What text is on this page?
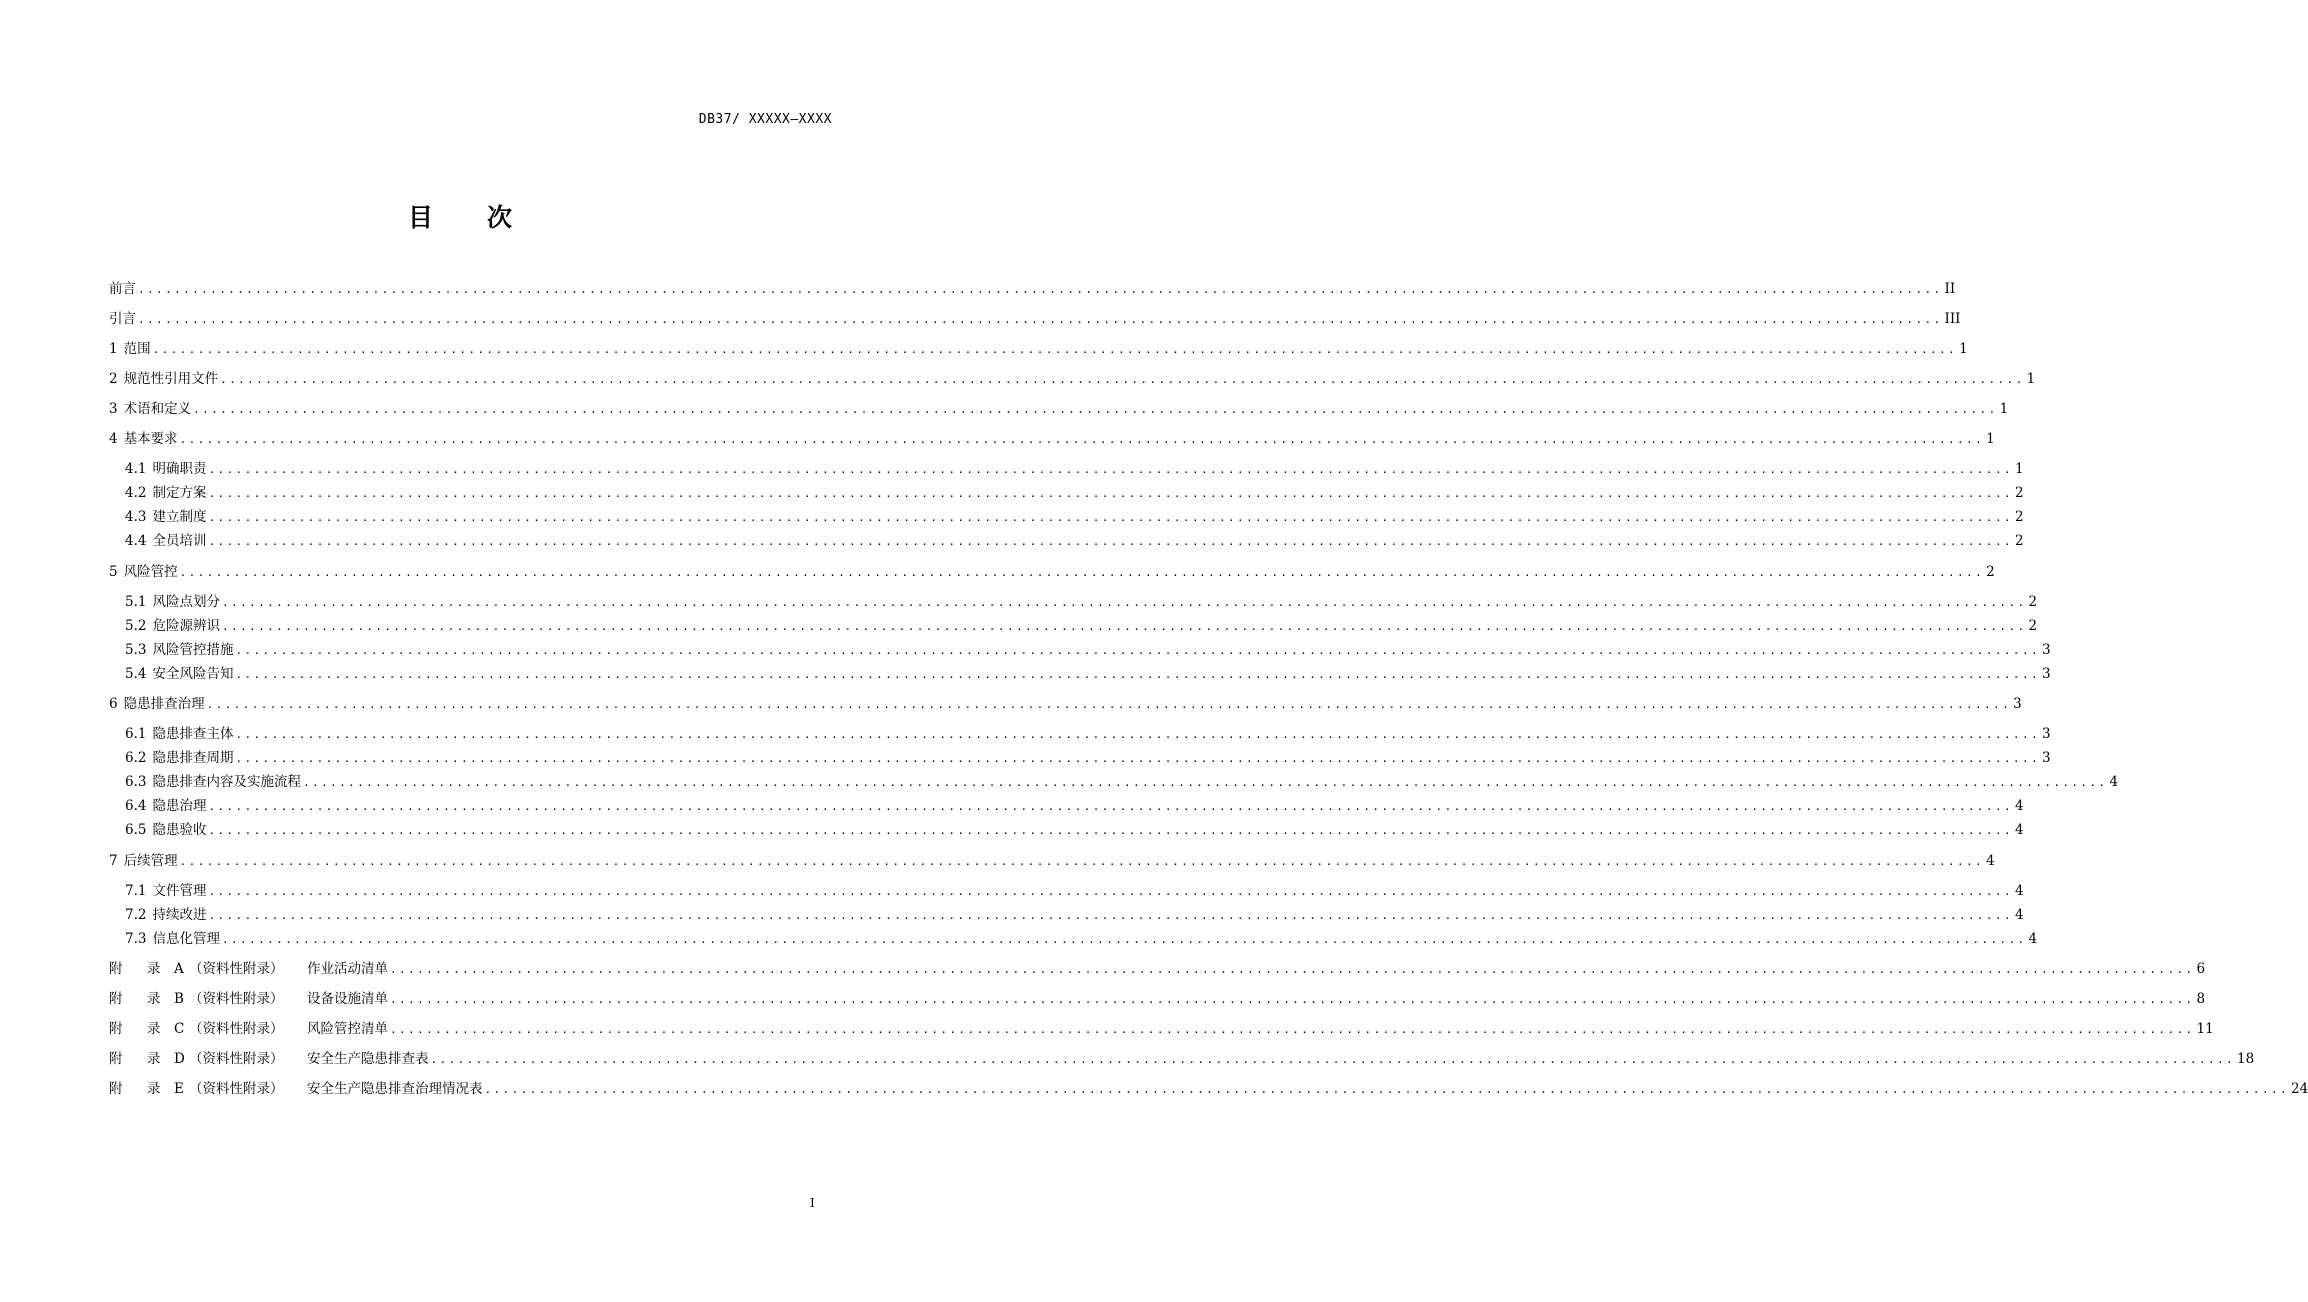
DB37/ XXXXX—XXXX
目 次
前言 ........................................................................................................................................................................................................ II
引言 ........................................................................................................................................................................................................ III
1 范围 ........................................................................................................................................................................................................ 1
2 规范性引用文件 ........................................................................................................................................................................................................ 1
3 术语和定义 ........................................................................................................................................................................................................ 1
4 基本要求 ........................................................................................................................................................................................................ 1
4.1 明确职责 ........................................................................................................................................................................................................ 1
4.2 制定方案 ........................................................................................................................................................................................................ 2
4.3 建立制度 ........................................................................................................................................................................................................ 2
4.4 全员培训 ........................................................................................................................................................................................................ 2
5 风险管控 ........................................................................................................................................................................................................ 2
5.1 风险点划分 ........................................................................................................................................................................................................ 2
5.2 危险源辨识 ........................................................................................................................................................................................................ 2
5.3 风险管控措施 ........................................................................................................................................................................................................ 3
5.4 安全风险告知 ........................................................................................................................................................................................................ 3
6 隐患排查治理 ........................................................................................................................................................................................................ 3
6.1 隐患排查主体 ........................................................................................................................................................................................................ 3
6.2 隐患排查周期 ........................................................................................................................................................................................................ 3
6.3 隐患排查内容及实施流程 ........................................................................................................................................................................................................ 4
6.4 隐患治理 ........................................................................................................................................................................................................ 4
6.5 隐患验收 ........................................................................................................................................................................................................ 4
7 后续管理 ........................................................................................................................................................................................................ 4
7.1 文件管理 ........................................................................................................................................................................................................ 4
7.2 持续改进 ........................................................................................................................................................................................................ 4
7.3 信息化管理 ........................................................................................................................................................................................................ 4
附 录 A （资料性附录） 作业活动清单 ........................................................................................................................................................................................................ 6
附 录 B （资料性附录） 设备设施清单 ........................................................................................................................................................................................................ 8
附 录 C （资料性附录） 风险管控清单 ........................................................................................................................................................................................................ 11
附 录 D （资料性附录） 安全生产隐患排查表 ........................................................................................................................................................................................................ 18
附 录 E （资料性附录） 安全生产隐患排查治理情况表 ........................................................................................................................................................................................................ 24
I
